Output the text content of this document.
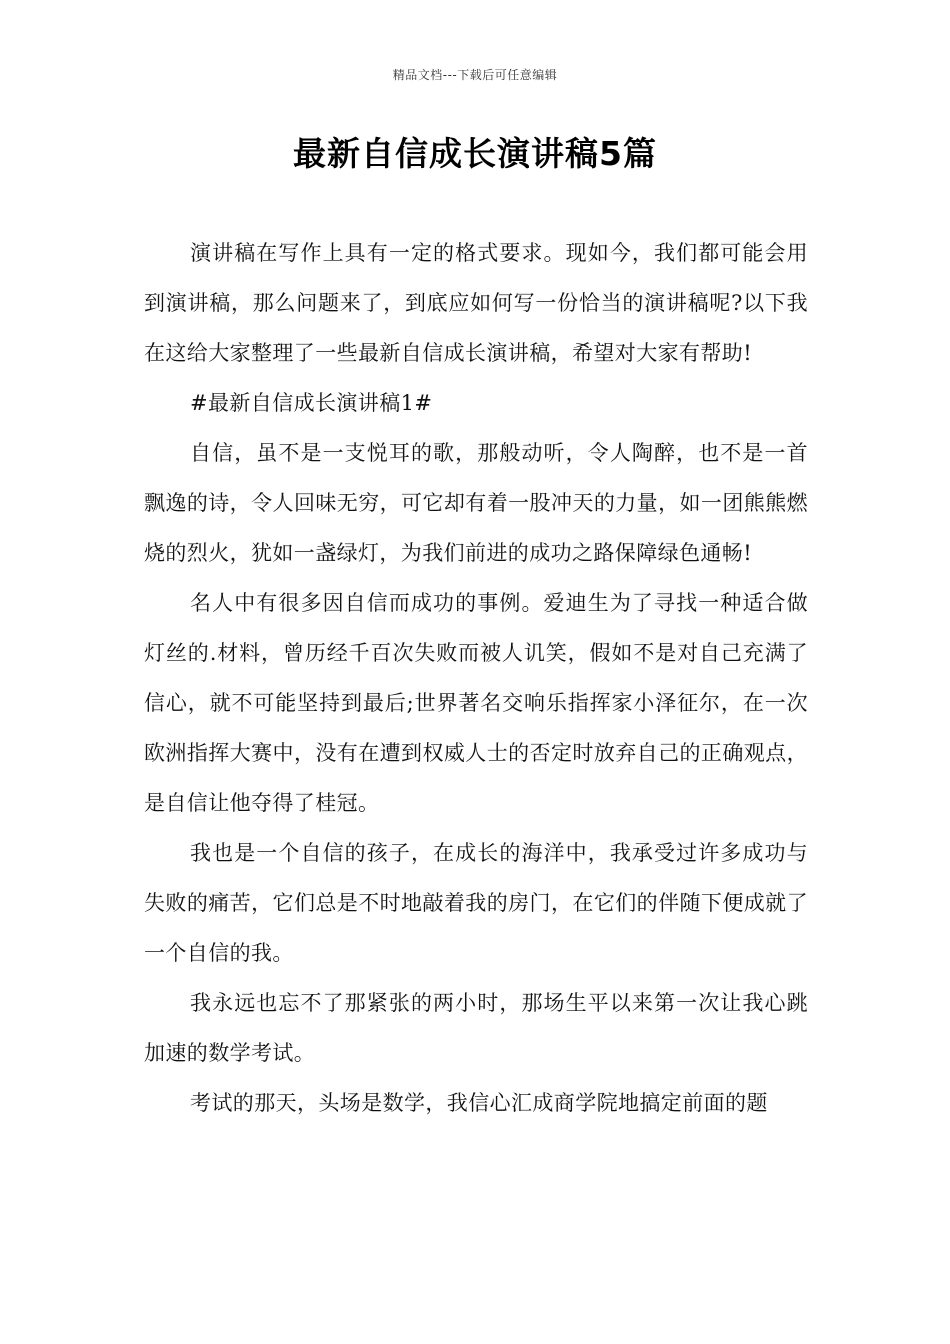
精品文档---下载后可任意编辑
最新自信成长演讲稿5篇

演讲稿在写作上具有一定的格式要求。现如今，我们都可能会用到演讲稿，那么问题来了，到底应如何写一份恰当的演讲稿呢?以下我在这给大家整理了一些最新自信成长演讲稿，希望对大家有帮助!

#最新自信成长演讲稿1#

自信，虽不是一支悦耳的歌，那般动听，令人陶醉，也不是一首飘逸的诗，令人回味无穷，可它却有着一股冲天的力量，如一团熊熊燃烧的烈火，犹如一盏绿灯，为我们前进的成功之路保障绿色通畅!

名人中有很多因自信而成功的事例。爱迪生为了寻找一种适合做灯丝的.材料，曾历经千百次失败而被人讥笑，假如不是对自己充满了信心，就不可能坚持到最后;世界著名交响乐指挥家小泽征尔，在一次欧洲指挥大赛中，没有在遭到权威人士的否定时放弃自己的正确观点，是自信让他夺得了桂冠。

我也是一个自信的孩子，在成长的海洋中，我承受过许多成功与失败的痛苦，它们总是不时地敲着我的房门，在它们的伴随下便成就了一个自信的我。

我永远也忘不了那紧张的两小时，那场生平以来第一次让我心跳加速的数学考试。

考试的那天，头场是数学，我信心汇成商学院地搞定前面的题
